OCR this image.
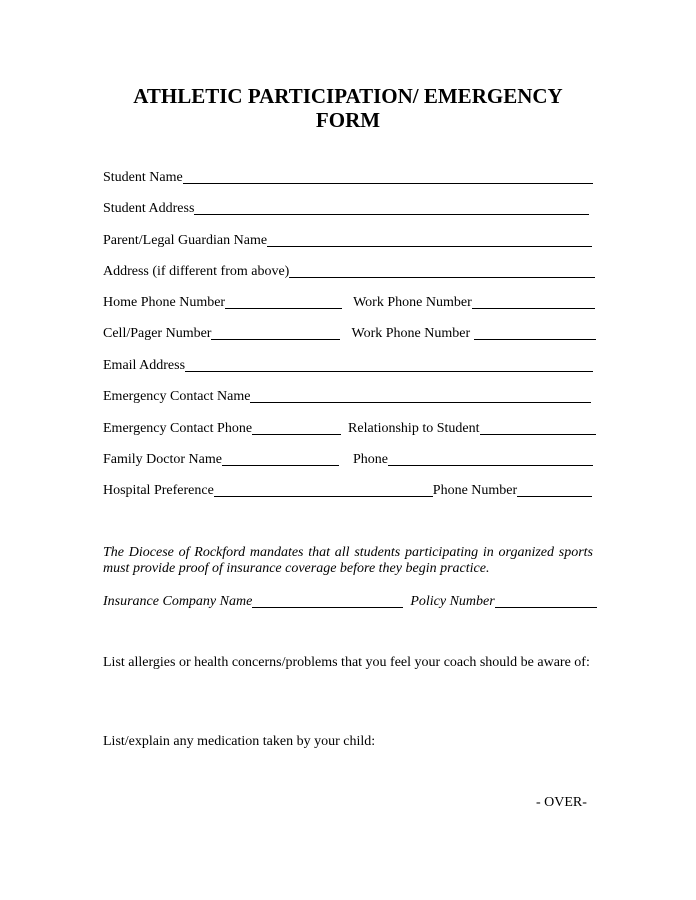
ATHLETIC PARTICIPATION/ EMERGENCY
FORM
Student Name
Student Address
Parent/Legal Guardian Name
Address (if different from above)
Home Phone Number	Work Phone Number
Cell/Pager Number	Work Phone Number
Email Address
Emergency Contact Name
Emergency Contact Phone	Relationship to Student
Family Doctor Name	Phone
Hospital Preference	Phone Number
The Diocese of Rockford mandates that all students participating in organized sports must provide proof of insurance coverage before they begin practice.
Insurance Company Name	Policy Number
List allergies or health concerns/problems that you feel your coach should be aware of:
List/explain any medication taken by your child:
- OVER-
